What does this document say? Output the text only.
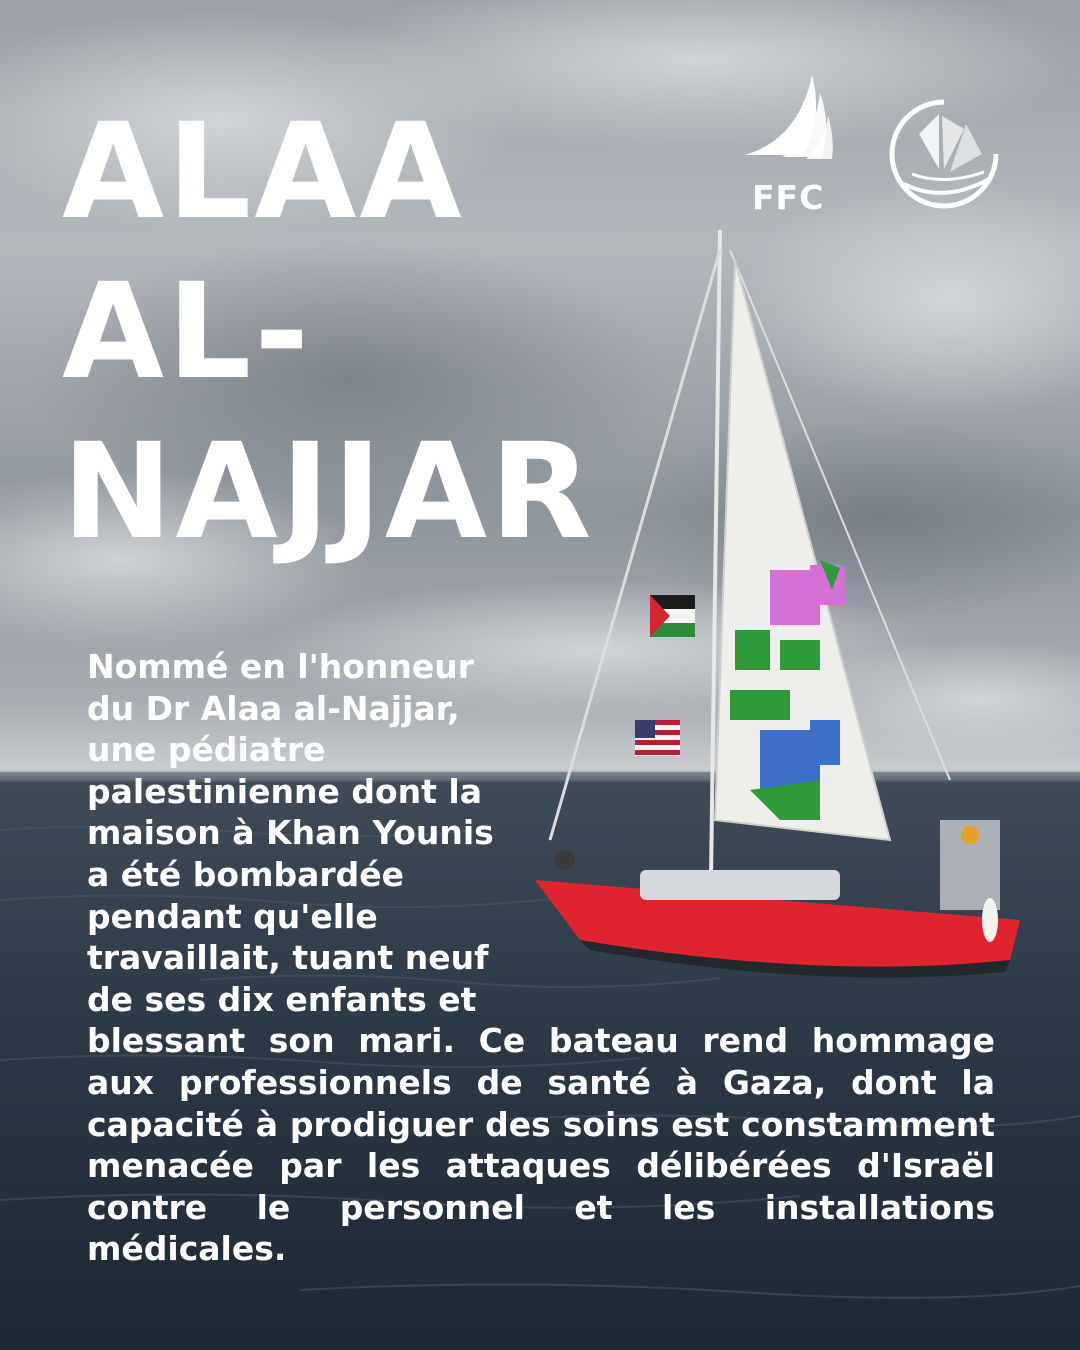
ALAA
AL-
NAJJAR
FFC

Nommé en l'honneur du Dr Alaa al-Najjar, une pédiatre palestinienne dont la maison à Khan Younis a été bombardée pendant qu'elle travaillait, tuant neuf de ses dix enfants et
blessant son mari. Ce bateau rend hommage aux professionnels de santé à Gaza, dont la capacité à prodiguer des soins est constamment menacée par les attaques délibérées d'Israël contre le personnel et les installations médicales.
